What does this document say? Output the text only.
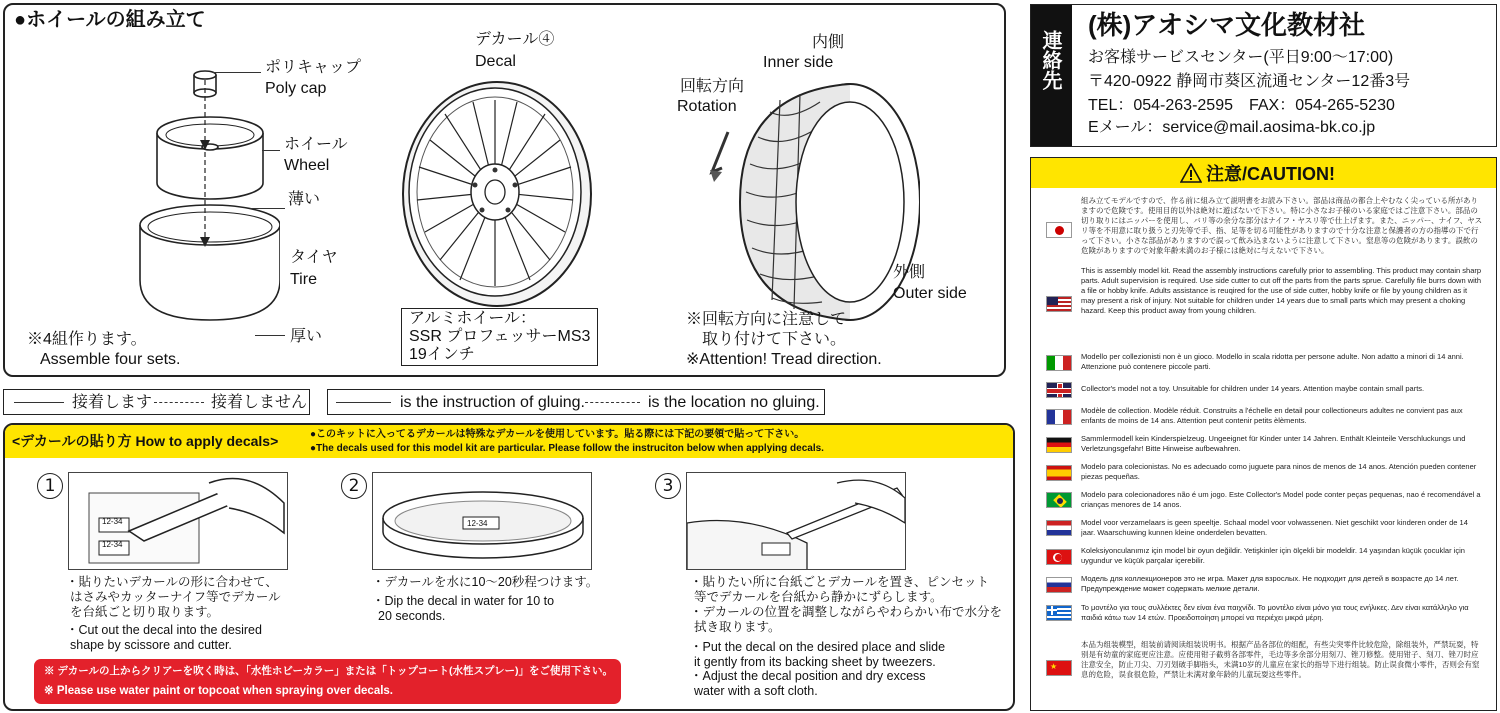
●ホイールの組み立て
ポリキャップ
Poly cap
ホイール
Wheel
薄い
タイヤ
Tire
厚い
※4組作ります。
Assemble four sets.
デカール④
Decal
アルミホイール：
SSR プロフェッサーMS3
19インチ
内側
Inner side
回転方向
Rotation
外側
Outer side
※回転方向に注意して
取り付けて下さい。
※Attention! Tread direction.
接着します	接着しません	is the instruction of gluing.	is the location no gluing.
<デカールの貼り方 How to apply decals>	●このキットに入ってるデカールは特殊なデカールを使用しています。貼る際には下記の要領で貼って下さい。
●The decals used for this model kit are particular. Please follow the instruciton below when applying decals.
1
12-34
12-34
・貼りたいデカールの形に合わせて、
はさみやカッターナイフ等でデカール
を台紙ごと切り取ります。
・Cut out the decal into the desired
shape by scissore and cutter.
2
12-34
・デカールを水に10～20秒程つけます。
・Dip the decal in water for 10 to
20 seconds.
3
・貼りたい所に台紙ごとデカールを置き、ピンセット
等でデカールを台紙から静かにずらします。
・デカールの位置を調整しながらやわらかい布で水分を
拭き取ります。
・Put the decal on the desired place and slide
it gently from its backing sheet by tweezers.
・Adjust the decal position and dry excess
water with a soft cloth.
※ デカールの上からクリアーを吹く時は、「水性ホビーカラー」または「トップコート(水性スプレー)」をご使用下さい。
※ Please use water paint or topcoat when spraying over decals.
連絡先
(株)アオシマ文化教材社
お客様サービスセンター(平日9:00～17:00)
〒420-0922 静岡市葵区流通センター12番3号
TEL：054-263-2595　FAX：054-265-5230
Eメール：service@mail.aosima-bk.co.jp
注意/CAUTION!
組み立てモデルですので、作る前に組み立て説明書をお読み下さい。部品は商品の都合上やむなく尖っている所がありますので危険です。使用目的以外は絶対に遊ばないで下さい。特に小さなお子様のいる家庭ではご注意下さい。部品の切り取りにはニッパーを使用し、バリ等の余分な部分はナイフ・ヤスリ等で仕上げます。また、ニッパー、ナイフ、ヤスリ等を不用意に取り扱うと刃先等で手、指、足等を切る可能性がありますので十分な注意と保護者の方の指導の下で行って下さい。小さな部品がありますので誤って飲み込まないように注意して下さい。窒息等の危険があります。誤飲の危険がありますので対象年齢未満のお子様には絶対に与えないで下さい。
This is assembly model kit. Read the assembly instructions carefully prior to assembling. This product may contain sharp parts. Adult supervision is required. Use side cutter to cut off the parts from the parts sprue. Carefully file burrs down with a file or hobby knife. Adults assistance is reuqired for the use of side cutter, hobby knife or file by young children as it may present a risk of injury. Not suitable for children under 14 years due to small parts which may present a choking hazard. Keep this product away from young children.
Modello per collezionisti non è un gioco. Modello in scala ridotta per persone adulte. Non adatto a minori di 14 anni. Attenzione può contenere piccole parti.
Collector's model not a toy. Unsuitable for children under 14 years. Attention maybe contain small parts.
Modèle de collection. Modèle réduit. Construits a l'échelle en detail pour collectioneurs adultes ne convient pas aux enfants de moins de 14 ans. Attention peut contenir petits èlèments.
Sammlermodell kein Kinderspielzeug. Ungeeignet für Kinder unter 14 Jahren. Enthält Kleinteile Verschluckungs und Verletzungsgefahr! Bitte Hinweise aufbewahren.
Modelo para colecionistas. No es adecuado como juguete para ninos de menos de 14 anos. Atención pueden contener piezas pequeñas.
Modelo para colecionadores não é um jogo. Este Collector's Model pode conter peças pequenas, nao é recomendável a crianças menores de 14 anos.
Model voor verzamelaars is geen speeltje. Schaal model voor volwassenen. Niet geschikt voor kinderen onder de 14 jaar. Waarschuwing kunnen kleine onderdelen bevatten.
Koleksiyonculanımız için model bir oyun değildir. Yetişkinler için ölçekli bir modeldir. 14 yaşından küçük çocuklar için uygundur ve küçük parçalar içerebilir.
Модель для коллекционеров это не игра. Макет для взрослых. Не подходит для детей в возрасте до 14 лет. Предупреждение может содержать мелкие детали.
Το μοντέλο για τους συλλέκτες δεν είναι ένα παιχνίδι. Το μοντέλο είναι μόνο για τους ενήλικες. Δεν είναι κατάλληλο για παιδιά κάτω των 14 ετών. Προειδοποίηση μπορεί να περιέχει μικρά μέρη.
★
本品为组装模型，组装前请阅读组装说明书。根据产品各部位的组配，有些尖突零件比较危险，除组装外，严禁玩耍，特别是有幼童的家庭更应注意。应使用钳子截剪各部零件，毛边等多余部分用刻刀、锉刀修整。使用钳子、刻刀、锉刀时应注意安全，防止刀尖、刀刃划破手脚指头，未满10岁的儿童应在家长的指导下进行组装。防止误食微小零件，否则会有窒息的危险，误食很危险，严禁让未满对象年龄的儿童玩耍这些零件。
